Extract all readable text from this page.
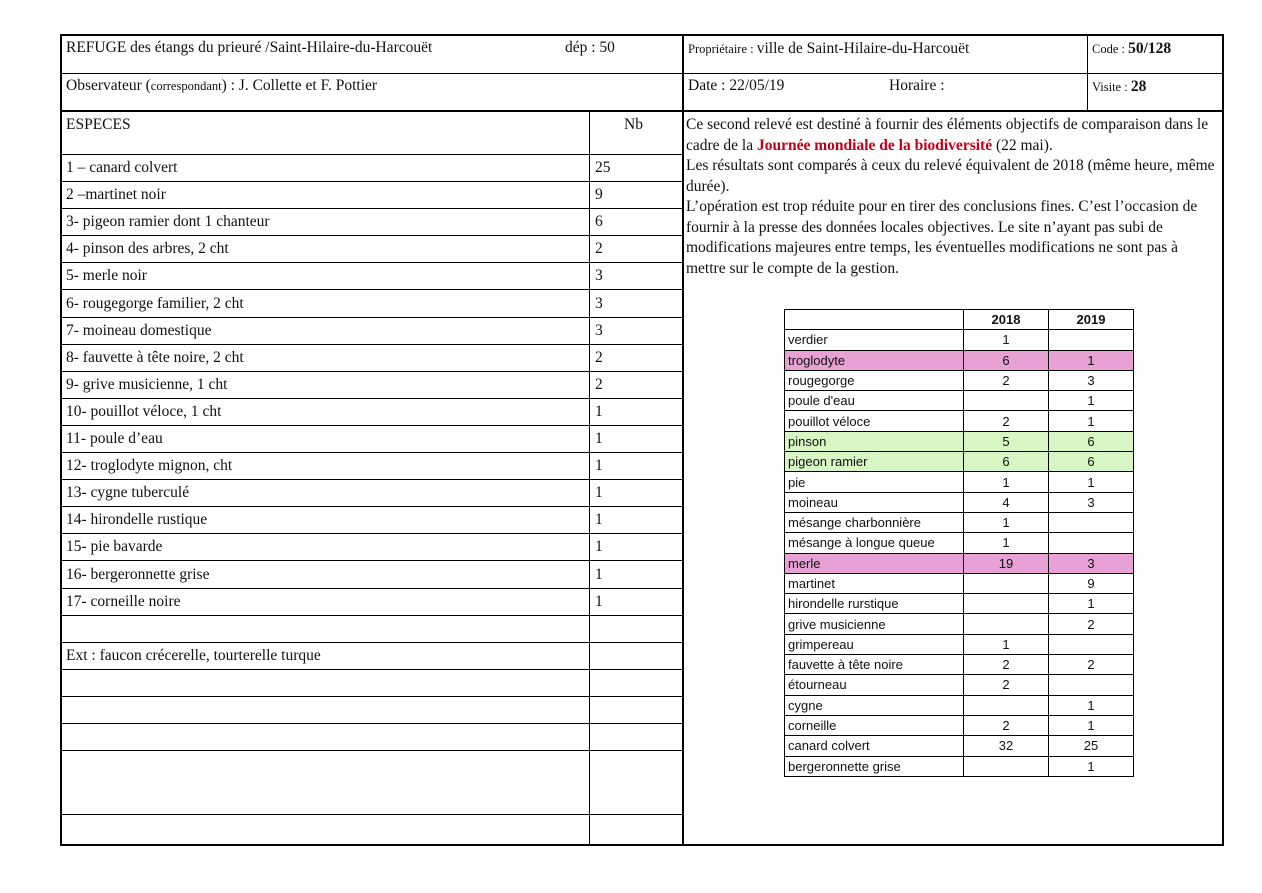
REFUGE des étangs du prieuré /Saint-Hilaire-du-Harcouët	dép : 50
Observateur (correspondant) : J. Collette et F. Pottier
Propriétaire : ville de Saint-Hilaire-du-Harcouët
Date : 22/05/19	Horaire :
Code : 50/128
Visite : 28
ESPECES	Nb
1 – canard colvert	25
2 –martinet noir	9
3- pigeon ramier dont 1 chanteur	6
4- pinson des arbres, 2 cht	2
5- merle noir	3
6- rougegorge familier, 2 cht	3
7- moineau domestique	3
8- fauvette à tête noire, 2 cht	2
9- grive musicienne, 1 cht	2
10- pouillot véloce, 1 cht	1
11- poule d’eau	1
12- troglodyte mignon, cht	1
13- cygne tuberculé	1
14- hirondelle rustique	1
15- pie bavarde	1
16- bergeronnette grise	1
17- corneille noire	1
Ext : faucon crécerelle, tourterelle turque
Ce second relevé est destiné à fournir des éléments objectifs de comparaison dans le cadre de la Journée mondiale de la biodiversité (22 mai).
Les résultats sont comparés à ceux du relevé équivalent de 2018 (même heure, même durée).
L’opération est trop réduite pour en tirer des conclusions fines. C’est l’occasion de fournir à la presse des données locales objectives. Le site n’ayant pas subi de modifications majeures entre temps, les éventuelles modifications ne sont pas à mettre sur le compte de la gestion.
	2018	2019
verdier	1	
troglodyte	6	1
rougegorge	2	3
poule d'eau		1
pouillot véloce	2	1
pinson	5	6
pigeon ramier	6	6
pie	1	1
moineau	4	3
mésange charbonnière	1	
mésange à longue queue	1	
merle	19	3
martinet		9
hirondelle rurstique		1
grive musicienne		2
grimpereau	1	
fauvette à tête noire	2	2
étourneau	2	
cygne		1
corneille	2	1
canard colvert	32	25
bergeronnette grise		1
